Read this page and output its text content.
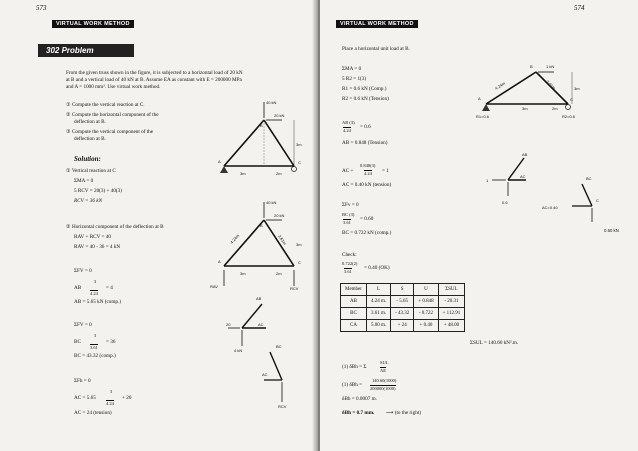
573
VIRTUAL WORK METHOD
302 Problem
From the given truss shown in the figure, it is subjected to a horizontal load of 20 kN
at B and a vertical load of 40 kN at B. Assume EA as constant with E = 200000 MPa
and A = 1000 mm². Use virtual work method.
① Compute the vertical reaction at C.
② Compute the horizontal component of the
deflection at B.
③ Compute the vertical component of the
deflection at B.
Solution:
① Vertical reaction at C
ΣMA = 0
5 RCV = 20(3) + 40(3)
RCV = 36 kN
② Horizontal component of the deflection at B
RAV + RCV = 40
RAV = 40 - 36 = 4 kN
ΣFV = 0
AB
3
4.24
= 4
AB = 5.65 kN (comp.)
ΣFV = 0
BC
3
3.61
= 36
BC = 43.32 (comp.)
ΣFh = 0
AC = 5.65
3
4.24
+ 20
AC = 24 (tension)
40 kN
20 kN
B
A	C
3m
3m	2m
40 kN
20 kN
B
A	C
3m
4.24m	3.61m
3m	2m
RAV	RCV
AB
AC
20
4 kN
BC
AC
RCV
574
VIRTUAL WORK METHOD
Place a horizontal unit load at B.
ΣMA = 0
5 R2 = 1(3)
R1 = 0.6 kN (Comp.)
R2 = 0.6 kN (Tension)
AB (3)
4.24
= 0.6
AB = 0.848 (Tension)
AC +
0.848(3)
4.24 = 1
AC = 0.40 kN (tension)
ΣFv = 0
BC (3)
3.61
= 0.60
BC = 0.722 kN (comp.)
Check:
0.722(2)
3.61
= 0.40 (OK)
ΣSUL = 140.60 kN².m.
(1) δBh = Σ
SUL
AE
(1) δBh =
140.60(1000)
200000(1000)
δBh = 0.0007 m.
δBh = 0.7 mm. ⟶ (to the right)
1 kN
B
A	C
3m
4.24m	3.61m
3m	2m
R1=0.6	R2=0.6
AB
AC
1
0.6
BC
C
AC=0.40
0.60 kN
Member	L	S	U	ΣSUL
AB	4.24 m.	- 5.65	+ 0.848	- 20.31
BC	3.61 m.	- 43.32	- 0.722	+ 112.91
CA	5.00 m.	+ 24	+ 0.40	+ 48.00
